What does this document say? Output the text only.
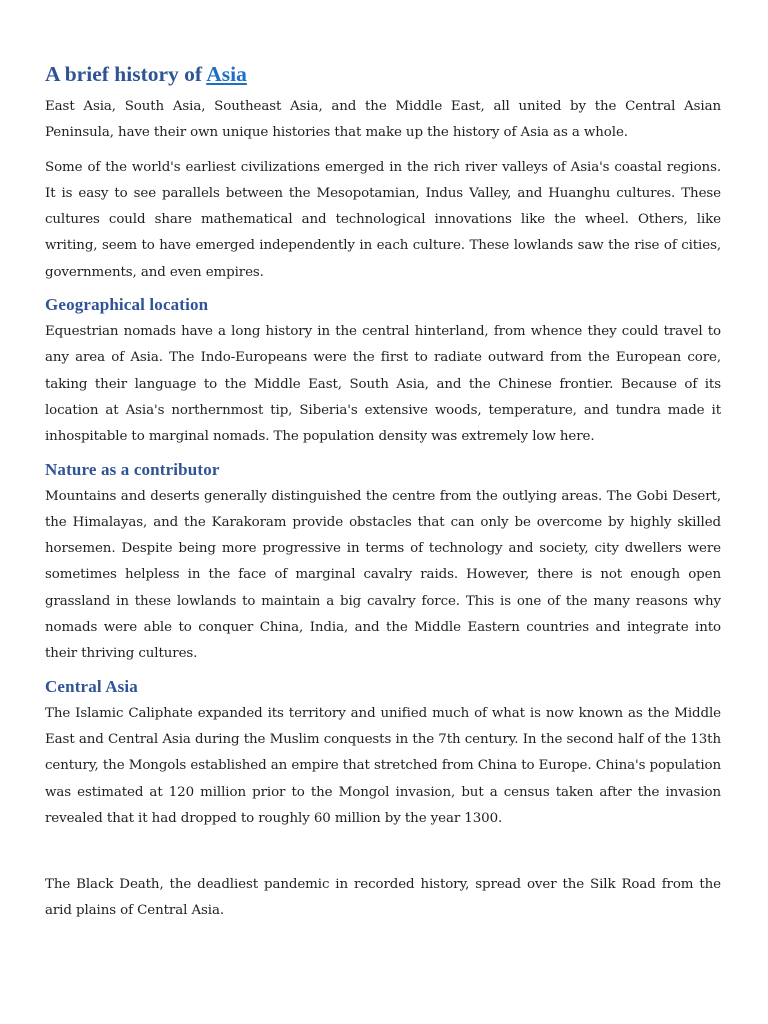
A brief history of Asia

East Asia, South Asia, Southeast Asia, and the Middle East, all united by the Central Asian Peninsula, have their own unique histories that make up the history of Asia as a whole.

Some of the world's earliest civilizations emerged in the rich river valleys of Asia's coastal regions. It is easy to see parallels between the Mesopotamian, Indus Valley, and Huanghu cultures. These cultures could share mathematical and technological innovations like the wheel. Others, like writing, seem to have emerged independently in each culture. These lowlands saw the rise of cities, governments, and even empires.

Geographical location

Equestrian nomads have a long history in the central hinterland, from whence they could travel to any area of Asia. The Indo-Europeans were the first to radiate outward from the European core, taking their language to the Middle East, South Asia, and the Chinese frontier. Because of its location at Asia's northernmost tip, Siberia's extensive woods, temperature, and tundra made it inhospitable to marginal nomads. The population density was extremely low here.

Nature as a contributor

Mountains and deserts generally distinguished the centre from the outlying areas. The Gobi Desert, the Himalayas, and the Karakoram provide obstacles that can only be overcome by highly skilled horsemen. Despite being more progressive in terms of technology and society, city dwellers were sometimes helpless in the face of marginal cavalry raids. However, there is not enough open grassland in these lowlands to maintain a big cavalry force. This is one of the many reasons why nomads were able to conquer China, India, and the Middle Eastern countries and integrate into their thriving cultures.

Central Asia

The Islamic Caliphate expanded its territory and unified much of what is now known as the Middle East and Central Asia during the Muslim conquests in the 7th century. In the second half of the 13th century, the Mongols established an empire that stretched from China to Europe. China's population was estimated at 120 million prior to the Mongol invasion, but a census taken after the invasion revealed that it had dropped to roughly 60 million by the year 1300.

The Black Death, the deadliest pandemic in recorded history, spread over the Silk Road from the arid plains of Central Asia.
